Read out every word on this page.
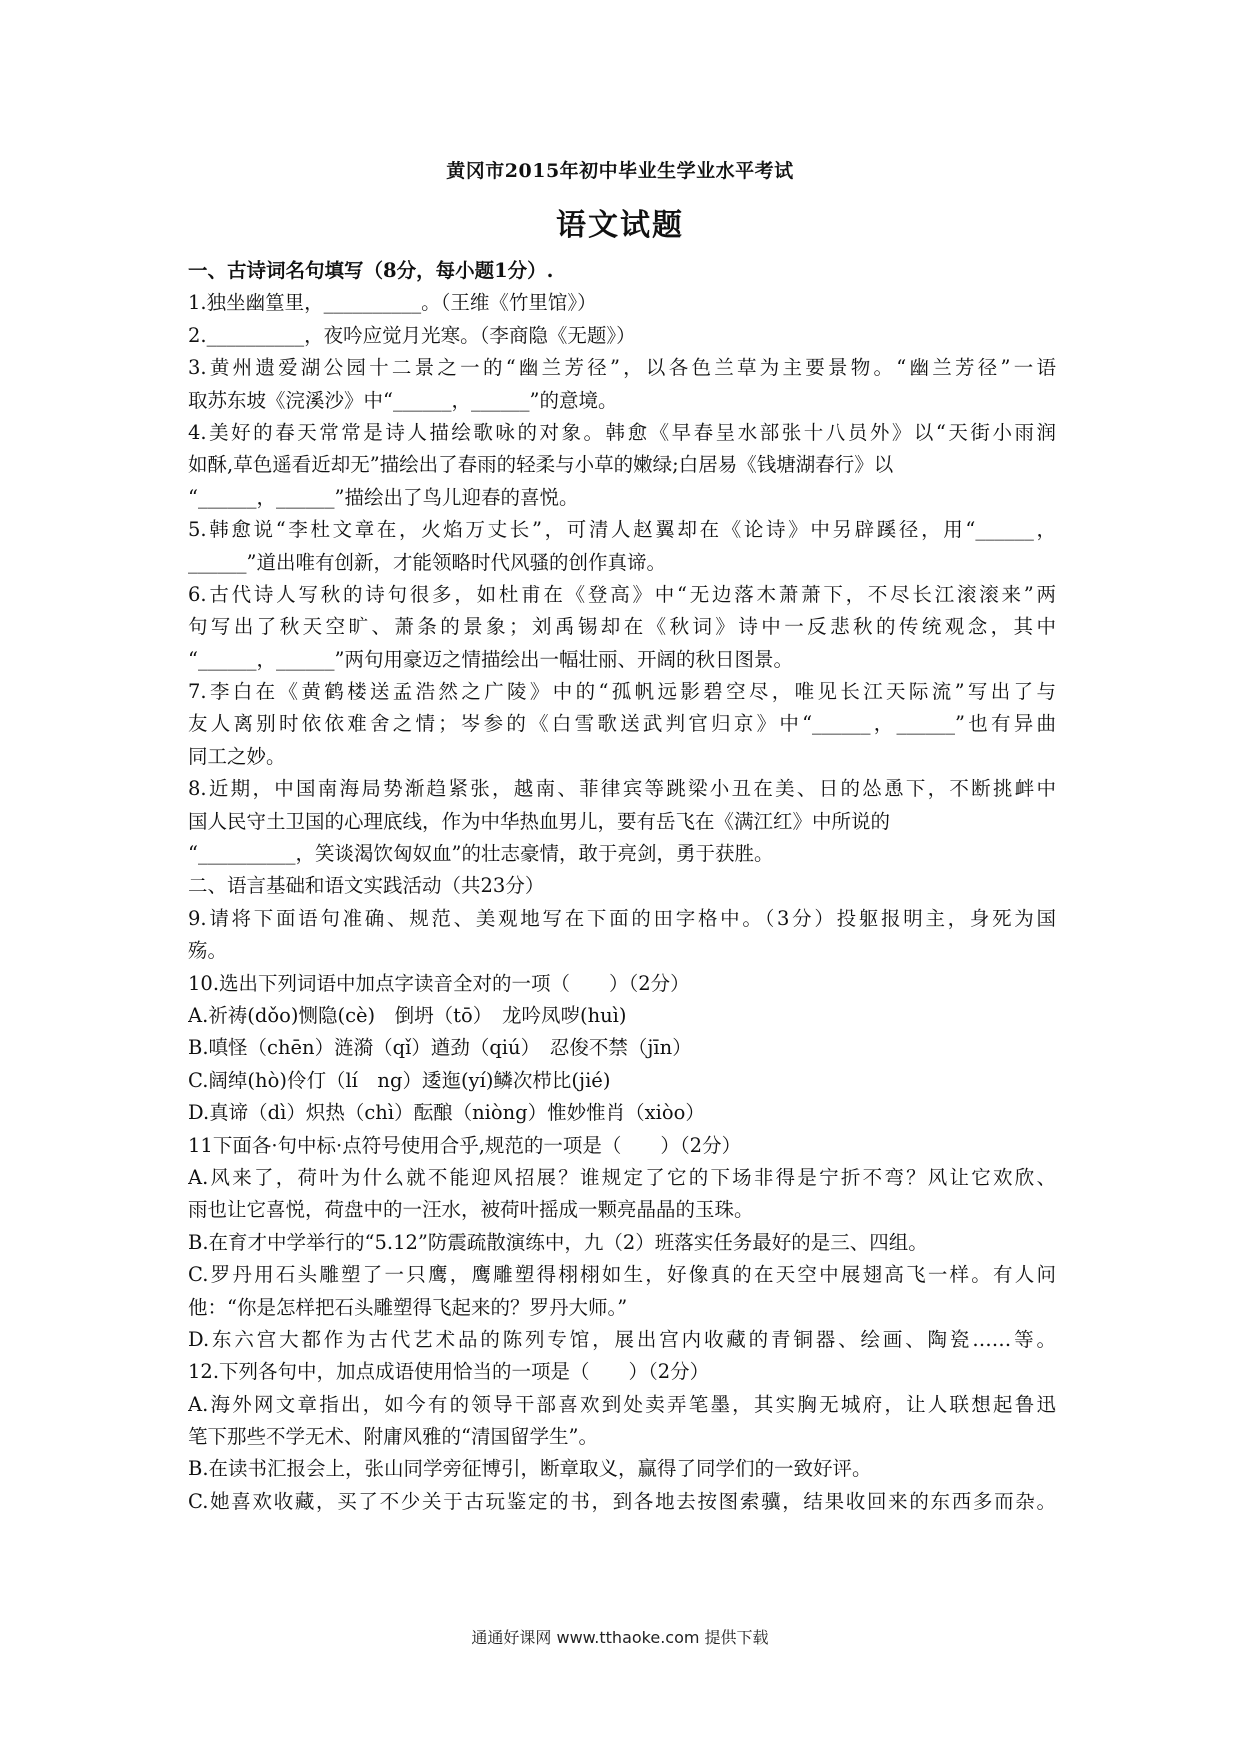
黄冈市2015年初中毕业生学业水平考试
语文试题
一、古诗词名句填写（8分，每小题1分）.
1.独坐幽篁里，__________。（王维《竹里馆》）
2.__________，夜吟应觉月光寒。（李商隐《无题》）
3.黄州遗爱湖公园十二景之一的“幽兰芳径”，以各色兰草为主要景物。“幽兰芳径”一语
取苏东坡《浣溪沙》中“______，______”的意境。
4.美好的春天常常是诗人描绘歌咏的对象。韩愈《早春呈水部张十八员外》以“天街小雨润
如酥,草色遥看近却无”描绘出了春雨的轻柔与小草的嫩绿;白居易《钱塘湖春行》以
“______，______”描绘出了鸟儿迎春的喜悦。
5.韩愈说“李杜文章在，火焰万丈长”，可清人赵翼却在《论诗》中另辟蹊径，用“______，
______”道出唯有创新，才能领略时代风骚的创作真谛。
6.古代诗人写秋的诗句很多，如杜甫在《登高》中“无边落木萧萧下，不尽长江滚滚来”两
句写出了秋天空旷、萧条的景象；刘禹锡却在《秋词》诗中一反悲秋的传统观念，其中
“______，______”两句用豪迈之情描绘出一幅壮丽、开阔的秋日图景。
7.李白在《黄鹤楼送孟浩然之广陵》中的“孤帆远影碧空尽，唯见长江天际流”写出了与
友人离别时依依难舍之情；岑参的《白雪歌送武判官归京》中“______，______”也有异曲
同工之妙。
8.近期，中国南海局势渐趋紧张，越南、菲律宾等跳梁小丑在美、日的怂恿下，不断挑衅中
国人民守土卫国的心理底线，作为中华热血男儿，要有岳飞在《满江红》中所说的
“__________，笑谈渴饮匈奴血”的壮志豪情，敢于亮剑，勇于获胜。
二、语言基础和语文实践活动（共23分）
9.请将下面语句准确、规范、美观地写在下面的田字格中。（3分）投躯报明主，身死为国
殇。
10.选出下列词语中加点字读音全对的一项（　　）（2分）
A.祈祷(dǒo)恻隐(cè)　倒坍（tō）　龙吟凤哕(huì)
B.嗔怪（chēn）涟漪（qǐ）遒劲（qiú）　忍俊不禁（jīn）
C.阔绰(hò)伶仃（lí　ng）逶迤(yí)鳞次栉比(jié)
D.真谛（dì）炽热（chì）酝酿（niòng）惟妙惟肖（xiòo）
11下面各·句中标·点符号使用合乎,规范的一项是（　　）（2分）
A.风来了，荷叶为什么就不能迎风招展？谁规定了它的下场非得是宁折不弯？风让它欢欣、
雨也让它喜悦，荷盘中的一汪水，被荷叶摇成一颗亮晶晶的玉珠。
B.在育才中学举行的“5.12”防震疏散演练中，九（2）班落实任务最好的是三、四组。
C.罗丹用石头雕塑了一只鹰，鹰雕塑得栩栩如生，好像真的在天空中展翅高飞一样。有人问
他：“你是怎样把石头雕塑得飞起来的？罗丹大师。”
D.东六宫大都作为古代艺术品的陈列专馆，展出宫内收藏的青铜器、绘画、陶瓷……等。
12.下列各句中，加点成语使用恰当的一项是（　　）（2分）
A.海外网文章指出，如今有的领导干部喜欢到处卖弄笔墨，其实胸无城府，让人联想起鲁迅
笔下那些不学无术、附庸风雅的“清国留学生”。
B.在读书汇报会上，张山同学旁征博引，断章取义，赢得了同学们的一致好评。
C.她喜欢收藏，买了不少关于古玩鉴定的书，到各地去按图索骥，结果收回来的东西多而杂。
通通好课网 www.tthaoke.com 提供下载
